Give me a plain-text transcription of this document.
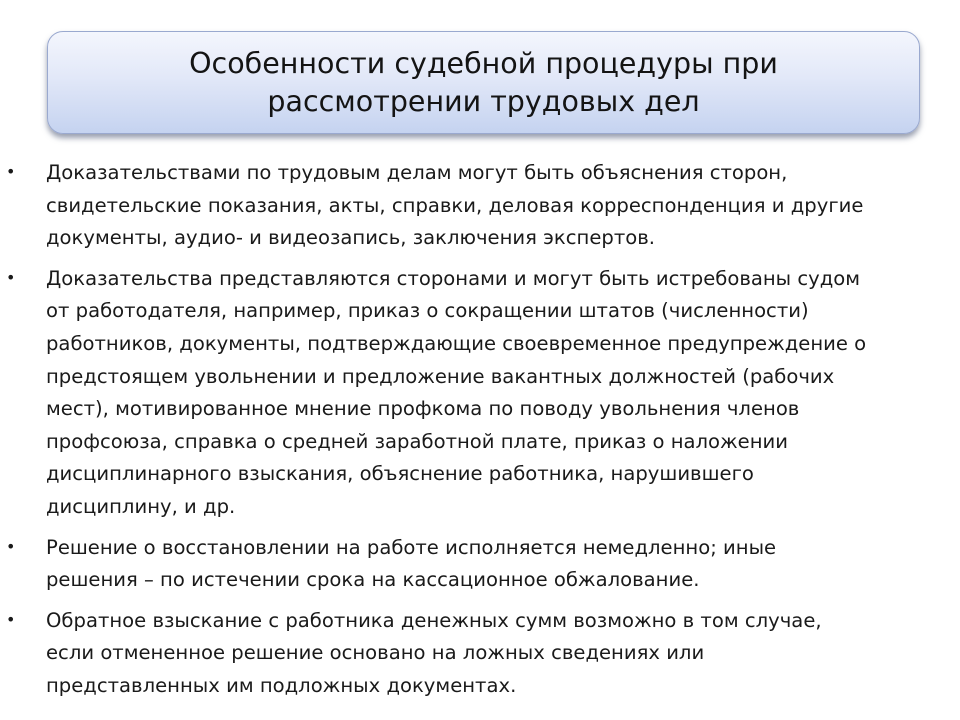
Особенности судебной процедуры при
рассмотрении трудовых дел
• Доказательствами по трудовым делам могут быть объяснения сторон,
свидетельские показания, акты, справки, деловая корреспонденция и другие
документы, аудио- и видеозапись, заключения экспертов.
• Доказательства представляются сторонами и могут быть истребованы судом
от работодателя, например, приказ о сокращении штатов (численности)
работников, документы, подтверждающие своевременное предупреждение о
предстоящем увольнении и предложение вакантных должностей (рабочих
мест), мотивированное мнение профкома по поводу увольнения членов
профсоюза, справка о средней заработной плате, приказ о наложении
дисциплинарного взыскания, объяснение работника, нарушившего
дисциплину, и др.
• Решение о восстановлении на работе исполняется немедленно; иные
решения – по истечении срока на кассационное обжалование.
• Обратное взыскание с работника денежных сумм возможно в том случае,
если отмененное решение основано на ложных сведениях или
представленных им подложных документах.
